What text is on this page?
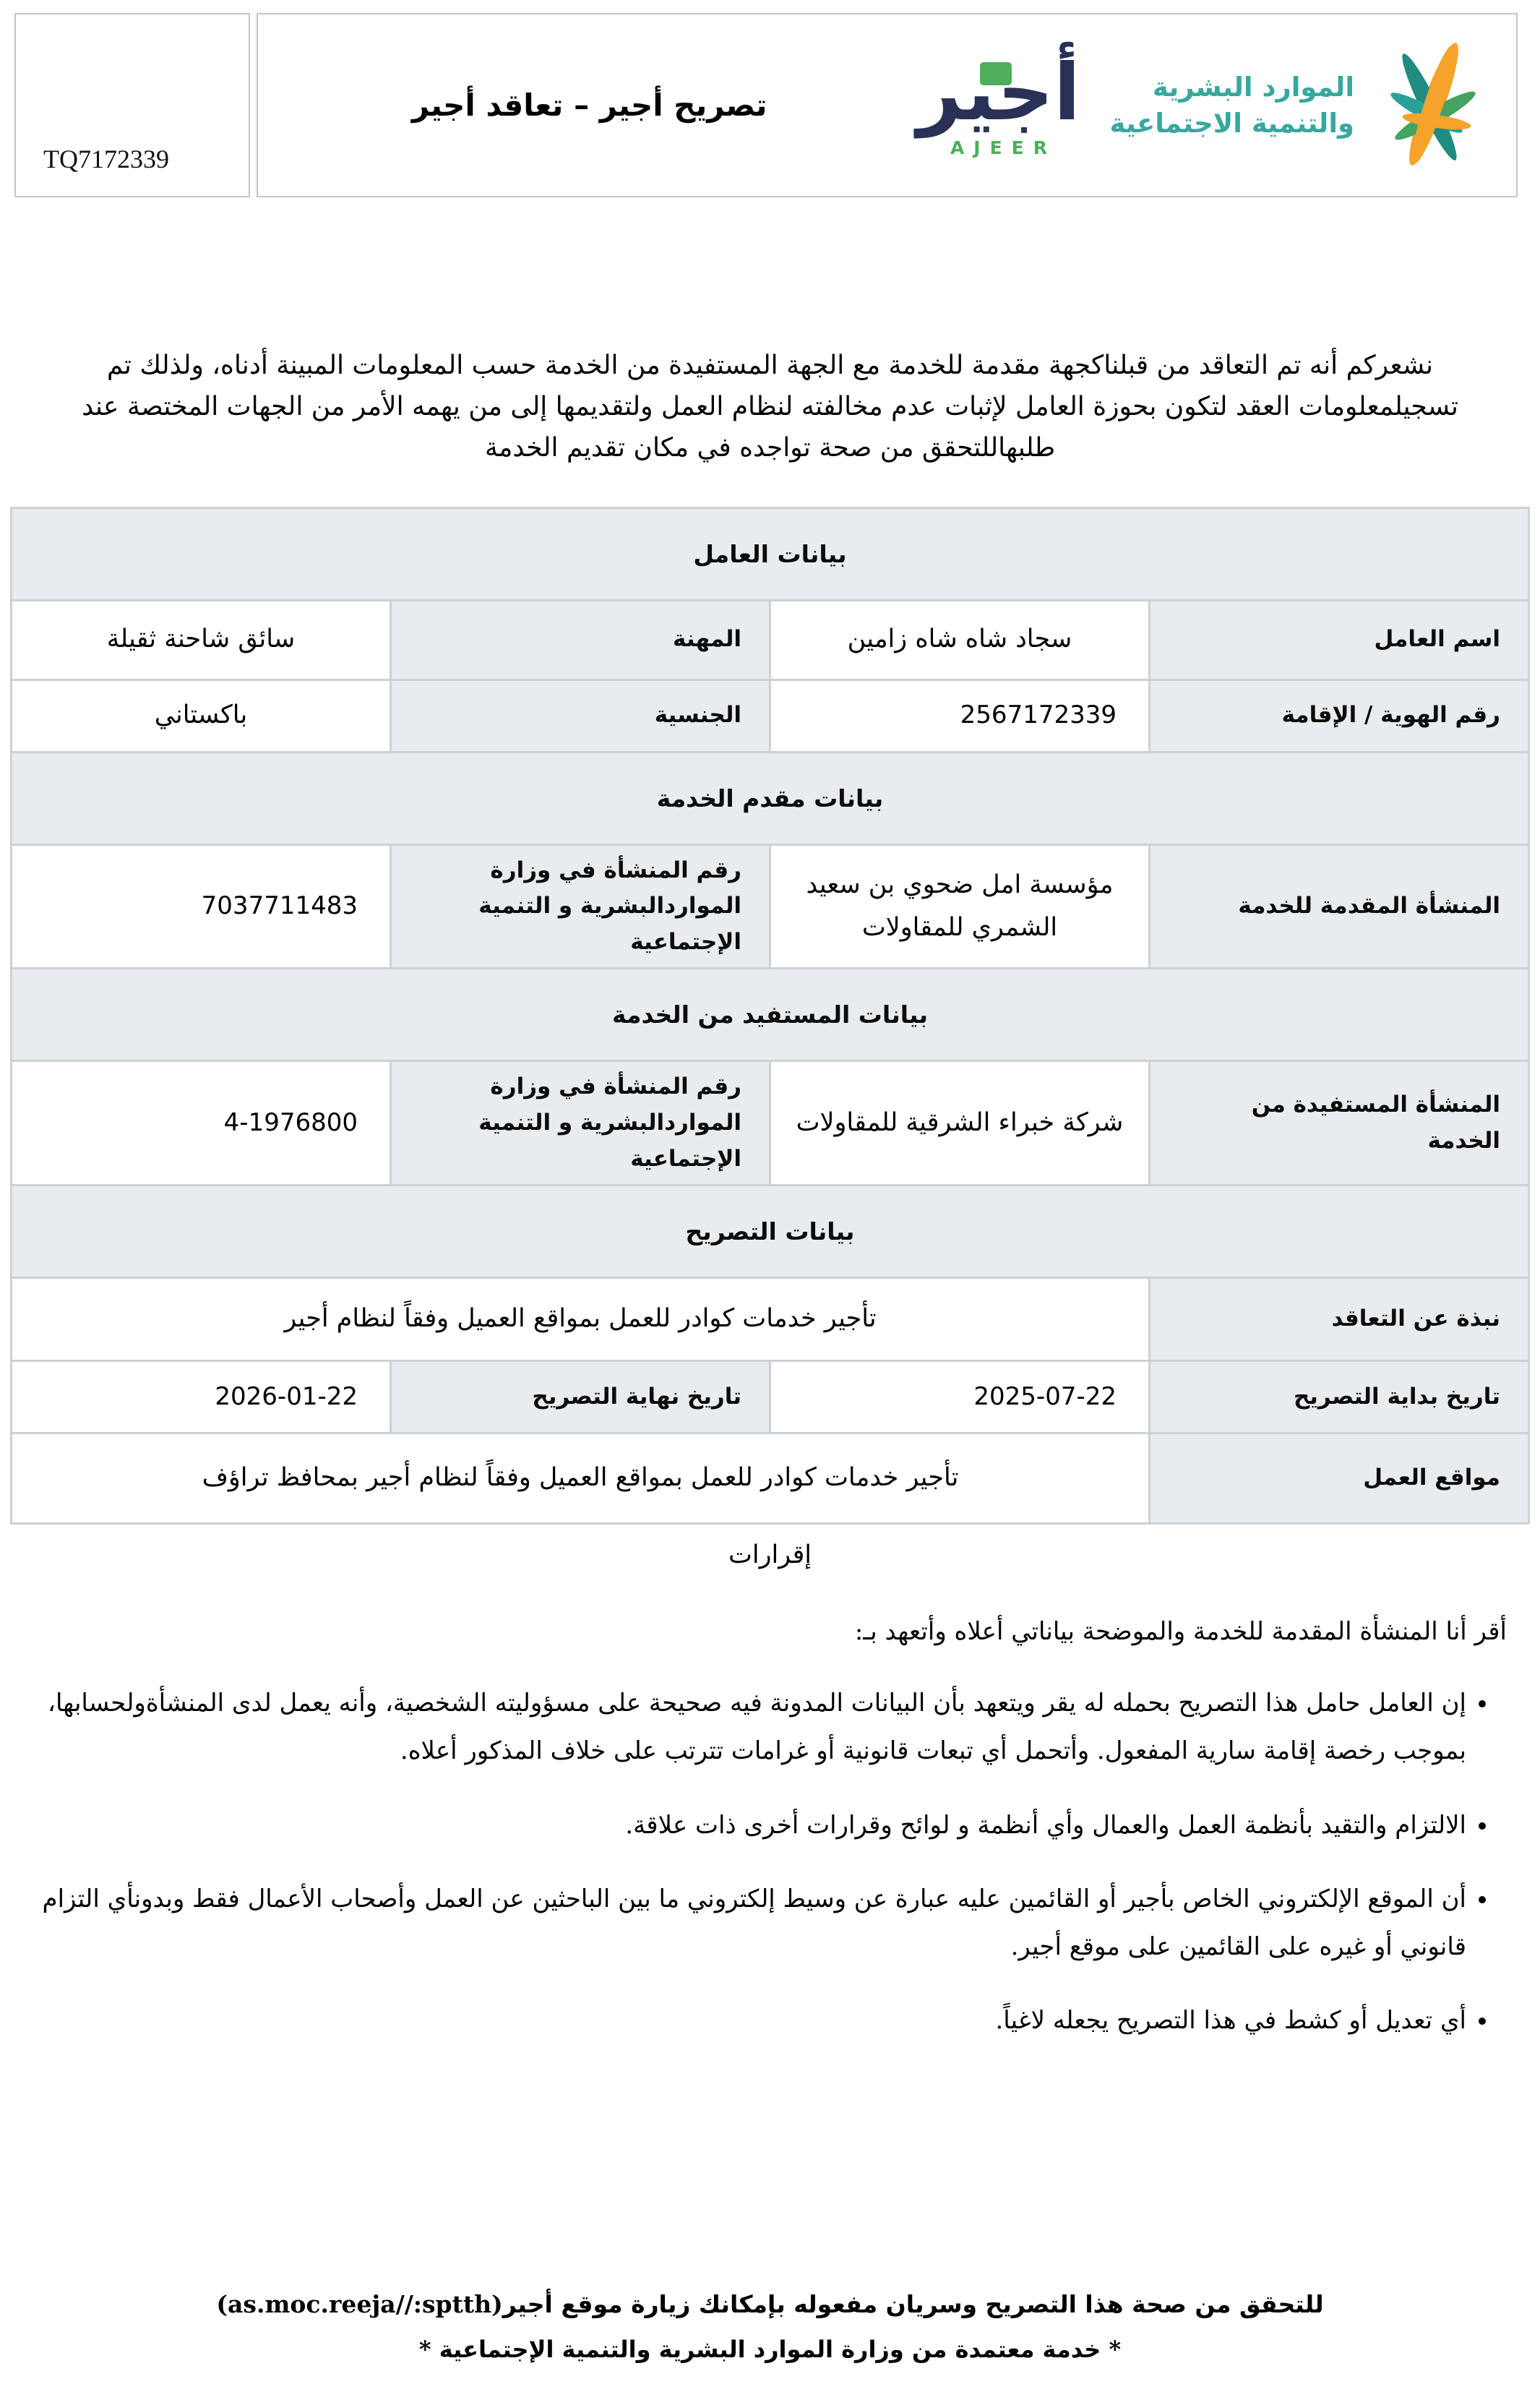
TQ7172339
تصريح أجير – تعاقد أجير	أجير
AJEER
الموارد البشرية
والتنمية الاجتماعية

نشعركم أنه تم التعاقد من قبلناكجهة مقدمة للخدمة مع الجهة المستفيدة من الخدمة حسب المعلومات المبينة أدناه، ولذلك تم تسجيلمعلومات العقد لتكون بحوزة العامل لإثبات عدم مخالفته لنظام العمل ولتقديمها إلى من يهمه الأمر من الجهات المختصة عند طلبهاللتحقق من صحة تواجده في مكان تقديم الخدمة

بيانات العامل			
اسم العامل	سجاد شاه شاه زامين	المهنة	سائق شاحنة ثقيلة
رقم الهوية / الإقامة	2567172339	الجنسية	باكستاني
بيانات مقدم الخدمة			
المنشأة المقدمة للخدمة	مؤسسة امل ضحوي بن سعيد الشمري للمقاولات	رقم المنشأة في وزارة المواردالبشرية و التنمية الإجتماعية	7037711483
بيانات المستفيد من الخدمة			
المنشأة المستفيدة من الخدمة	شركة خبراء الشرقية للمقاولات	رقم المنشأة في وزارة المواردالبشرية و التنمية الإجتماعية	4-1976800
بيانات التصريح			
نبذة عن التعاقد	تأجير خدمات كوادر للعمل بمواقع العميل وفقاً لنظام أجير		
تاريخ بداية التصريح	2025-07-22	تاريخ نهاية التصريح	2026-01-22
مواقع العمل	تأجير خدمات كوادر للعمل بمواقع العميل وفقاً لنظام أجير بمحافظ تراؤف		
إقرارات

أقر أنا المنشأة المقدمة للخدمة والموضحة بياناتي أعلاه وأتعهد بـ:

• إن العامل حامل هذا التصريح بحمله له يقر ويتعهد بأن البيانات المدونة فيه صحيحة على مسؤوليته الشخصية، وأنه يعمل لدى المنشأةولحسابها، بموجب رخصة إقامة سارية المفعول. وأتحمل أي تبعات قانونية أو غرامات تترتب على خلاف المذكور أعلاه.
• الالتزام والتقيد بأنظمة العمل والعمال وأي أنظمة و لوائح وقرارات أخرى ذات علاقة.
• أن الموقع الإلكتروني الخاص بأجير أو القائمين عليه عبارة عن وسيط إلكتروني ما بين الباحثين عن العمل وأصحاب الأعمال فقط وبدونأي التزام قانوني أو غيره على القائمين على موقع أجير.
• أي تعديل أو كشط في هذا التصريح يجعله لاغياً.
للتحقق من صحة هذا التصريح وسريان مفعوله بإمكانك زيارة موقع أجير(as.moc.reeja//:sptth)
* خدمة معتمدة من وزارة الموارد البشرية والتنمية الإجتماعية *
